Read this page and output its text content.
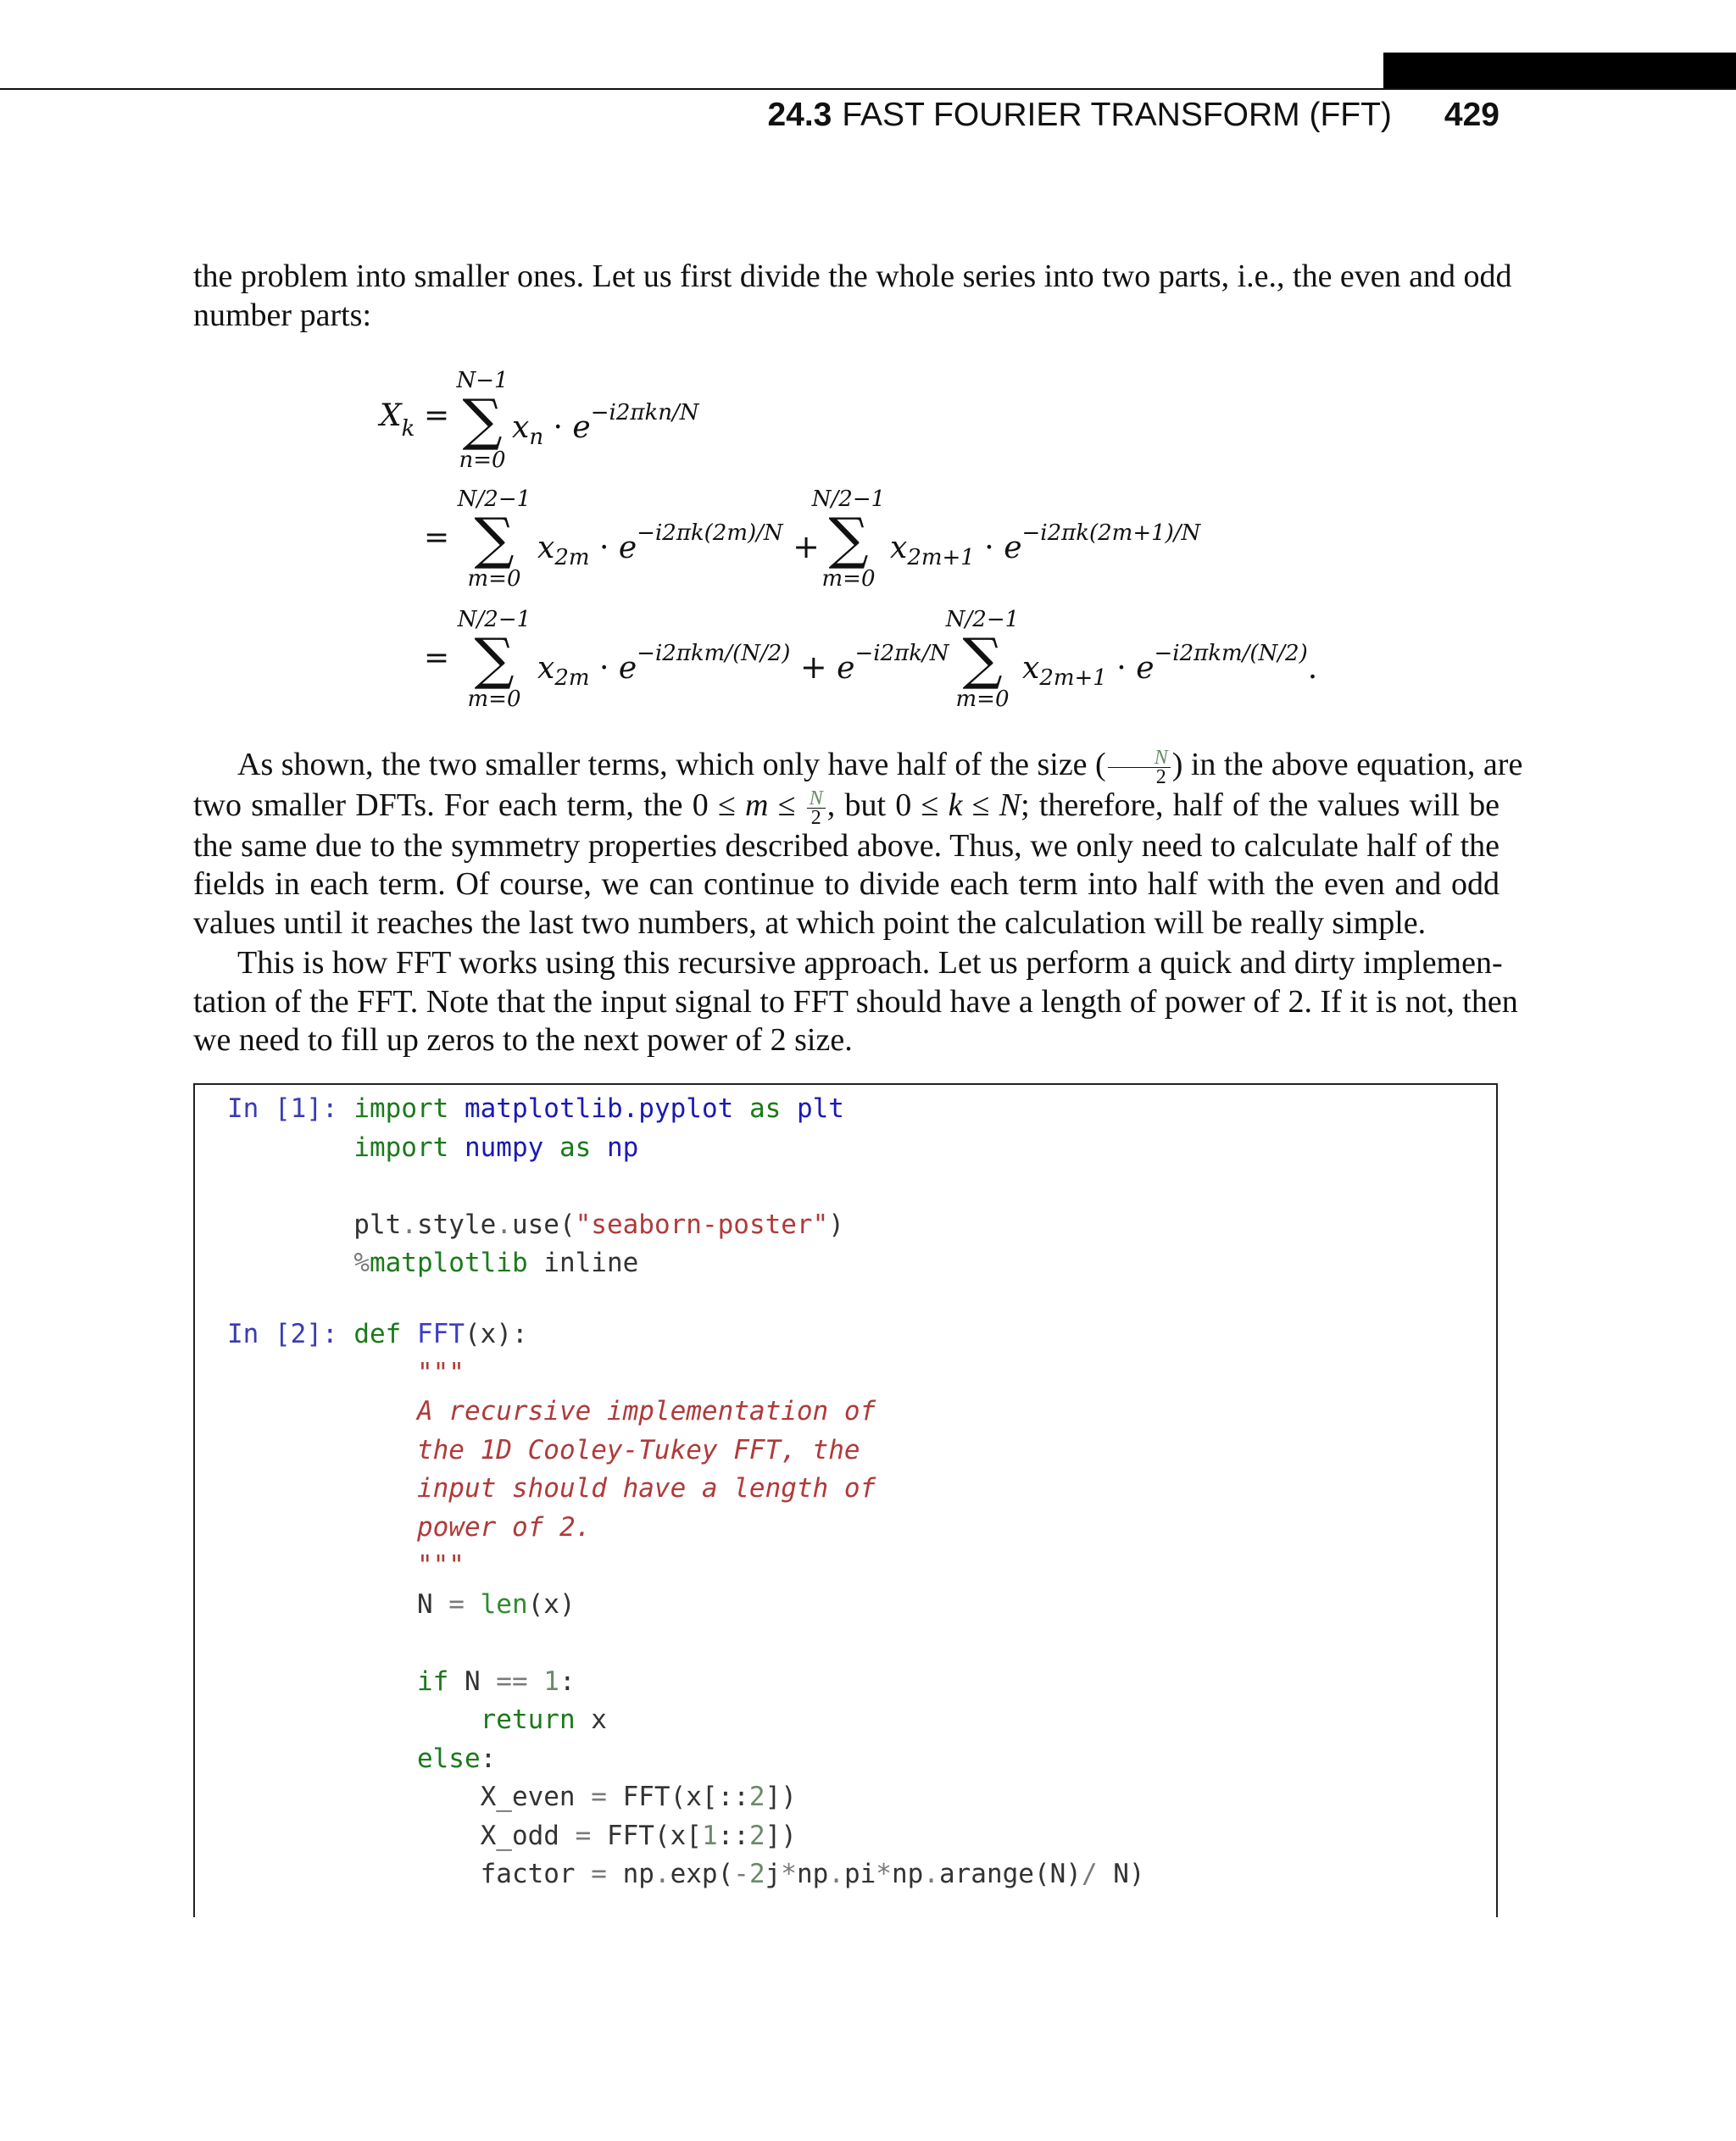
24.3 FAST FOURIER TRANSFORM (FFT) 429
the problem into smaller ones. Let us first divide the whole series into two parts, i.e., the even and odd
number parts:
$X_k$ =
N−1
∑
n=0
$x_n \cdot e^{-i2\pi kn/N}$
=
N/2−1
∑
m=0
$x_{2m} \cdot e^{-i2\pi k(2m)/N}$ +
N/2−1
∑
m=0
$x_{2m+1} \cdot e^{-i2\pi k(2m+1)/N}$
=
N/2−1
∑
m=0
$x_{2m} \cdot e^{-i2\pi km/(N/2)} + e^{-i2\pi k/N}$
N/2−1
∑
m=0
$x_{2m+1} \cdot e^{-i2\pi km/(N/2)}$.
As shown, the two smaller terms, which only have half of the size ( $\frac{N}{2}$ ) in the above equation, are
two smaller DFTs. For each term, the $0 \le m \le \frac{N}{2}$ , but 0 ≤ k ≤ N; therefore, half of the values will be
the same due to the symmetry properties described above. Thus, we only need to calculate half of the
fields in each term. Of course, we can continue to divide each term into half with the even and odd
values until it reaches the last two numbers, at which point the calculation will be really simple.
This is how FFT works using this recursive approach. Let us perform a quick and dirty implemen-
tation of the FFT. Note that the input signal to FFT should have a length of power of 2. If it is not, then
we need to fill up zeros to the next power of 2 size.
In [1]: import matplotlib.pyplot as plt
import numpy as np

plt.style.use("seaborn-poster")
%matplotlib inline
In [2]: def FFT(x):
"""
A recursive implementation of
the 1D Cooley-Tukey FFT, the
input should have a length of
power of 2.
"""
N = len(x)

if N == 1:
return x
else:
X_even = FFT(x[::2])
X_odd = FFT(x[1::2])
factor = np.exp(-2j*np.pi*np.arange(N)/ N)
